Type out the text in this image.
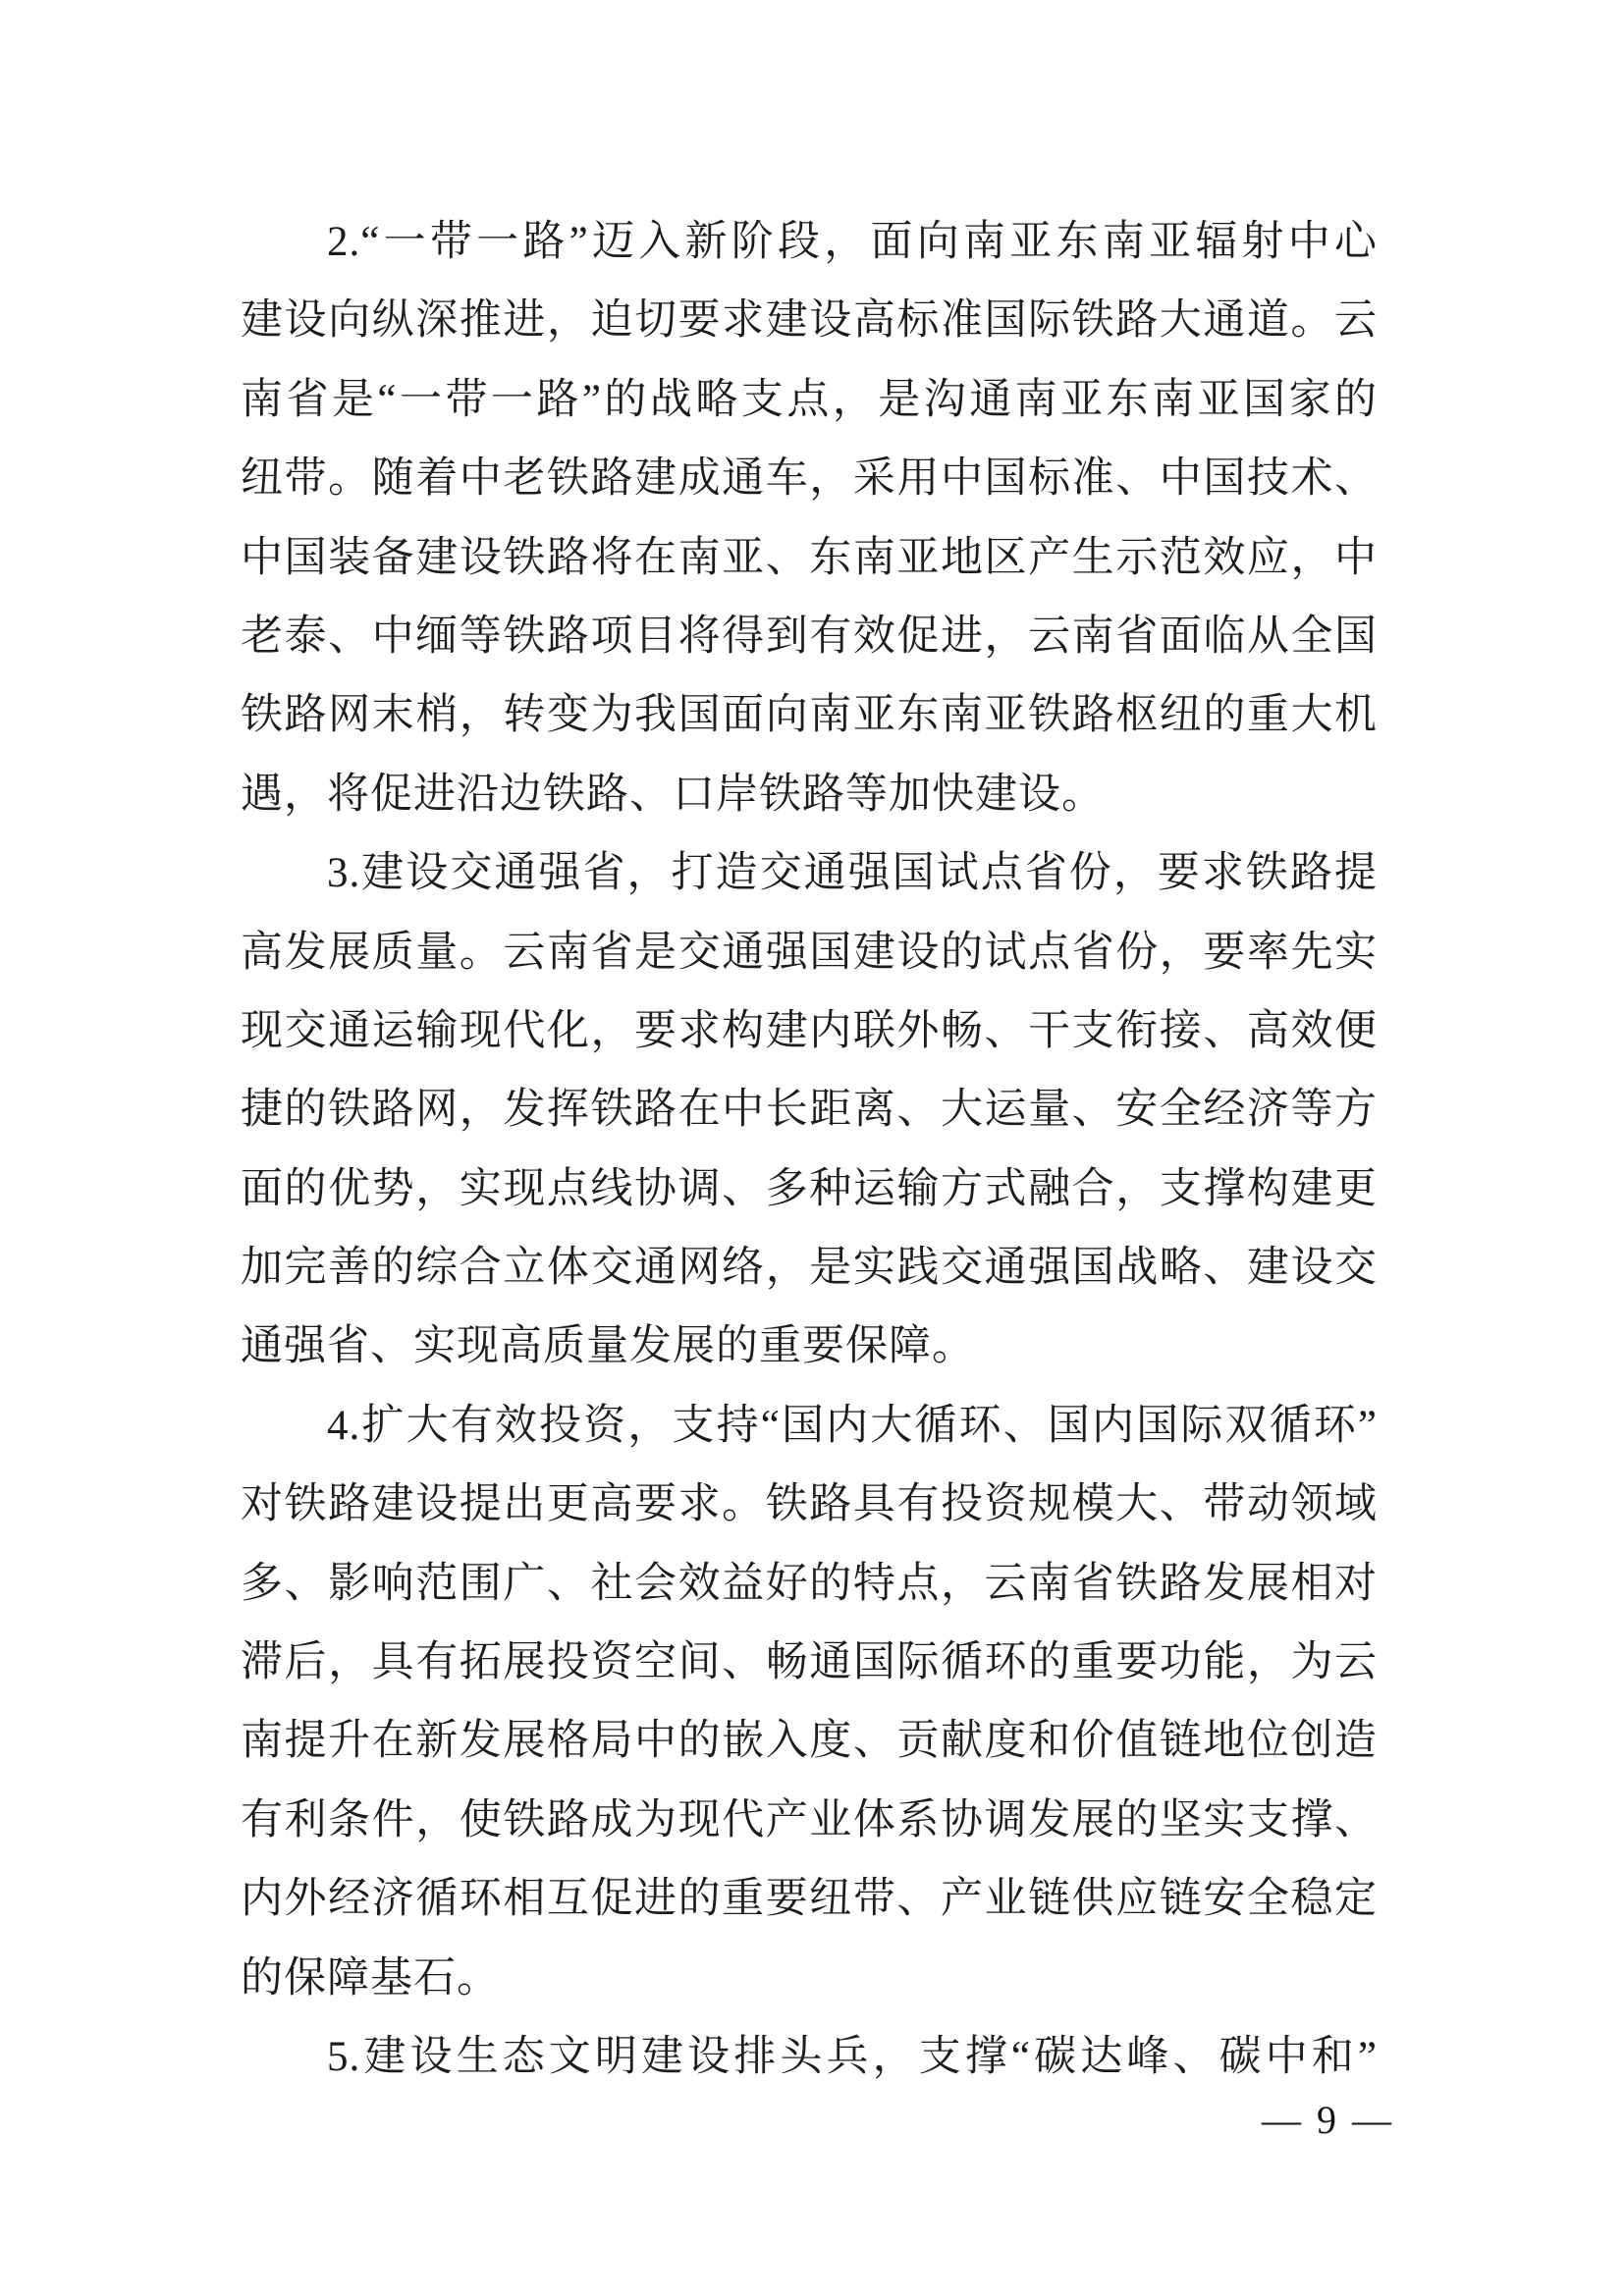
2.“一带一路”迈入新阶段，面向南亚东南亚辐射中心
建设向纵深推进，迫切要求建设高标准国际铁路大通道。云
南省是“一带一路”的战略支点，是沟通南亚东南亚国家的
纽带。随着中老铁路建成通车，采用中国标准、中国技术、
中国装备建设铁路将在南亚、东南亚地区产生示范效应，中
老泰、中缅等铁路项目将得到有效促进，云南省面临从全国
铁路网末梢，转变为我国面向南亚东南亚铁路枢纽的重大机
遇，将促进沿边铁路、口岸铁路等加快建设。
3.建设交通强省，打造交通强国试点省份，要求铁路提
高发展质量。云南省是交通强国建设的试点省份，要率先实
现交通运输现代化，要求构建内联外畅、干支衔接、高效便
捷的铁路网，发挥铁路在中长距离、大运量、安全经济等方
面的优势，实现点线协调、多种运输方式融合，支撑构建更
加完善的综合立体交通网络，是实践交通强国战略、建设交
通强省、实现高质量发展的重要保障。
4.扩大有效投资，支持“国内大循环、国内国际双循环”
对铁路建设提出更高要求。铁路具有投资规模大、带动领域
多、影响范围广、社会效益好的特点，云南省铁路发展相对
滞后，具有拓展投资空间、畅通国际循环的重要功能，为云
南提升在新发展格局中的嵌入度、贡献度和价值链地位创造
有利条件，使铁路成为现代产业体系协调发展的坚实支撑、
内外经济循环相互促进的重要纽带、产业链供应链安全稳定
的保障基石。
5.建设生态文明建设排头兵，支撑“碳达峰、碳中和”
— 9 —
